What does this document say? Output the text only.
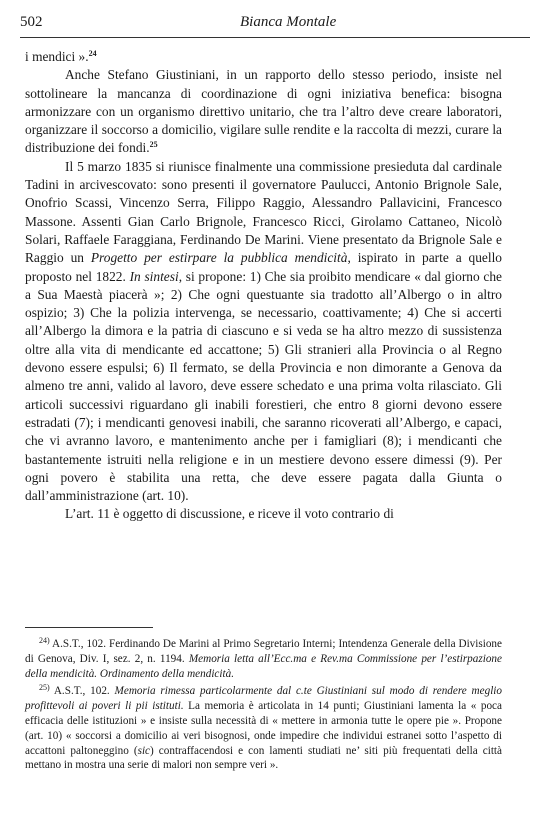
502	Bianca Montale

i mendici ».$^{24}$

Anche Stefano Giustiniani, in un rapporto dello stesso periodo, insiste nel sottolineare la mancanza di coordinazione di ogni iniziativa benefica: bisogna armonizzare con un organismo direttivo unitario, che tra l’altro deve creare laboratori, organizzare il soccorso a domicilio, vigilare sulle rendite e la raccolta di mezzi, curare la distribuzione dei fondi.$^{25}$

Il 5 marzo 1835 si riunisce finalmente una commissione presieduta dal cardinale Tadini in arcivescovato: sono presenti il governatore Paulucci, Antonio Brignole Sale, Onofrio Scassi, Vincenzo Serra, Filippo Raggio, Alessandro Pallavicini, Francesco Massone. Assenti Gian Carlo Brignole, Francesco Ricci, Girolamo Cattaneo, Nicolò Solari, Raffaele Faraggiana, Ferdinando De Marini. Viene presentato da Brignole Sale e Raggio un Progetto per estirpare la pubblica mendicità, ispirato in parte a quello proposto nel 1822. In sintesi, si propone: 1) Che sia proibito mendicare « dal giorno che a Sua Maestà piacerà »; 2) Che ogni questuante sia tradotto all’Albergo o in altro ospizio; 3) Che la polizia intervenga, se necessario, coattivamente; 4) Che si accerti all’Albergo la dimora e la patria di ciascuno e si veda se ha altro mezzo di sussistenza oltre alla vita di mendicante ed accattone; 5) Gli stranieri alla Provincia o al Regno devono essere espulsi; 6) Il fermato, se della Provincia e non dimorante a Genova da almeno tre anni, valido al lavoro, deve essere schedato e una prima volta rilasciato. Gli articoli successivi riguardano gli inabili forestieri, che entro 8 giorni devono essere estradati (7); i mendicanti genovesi inabili, che saranno ricoverati all’Albergo, e capaci, che vi avranno lavoro, e mantenimento anche per i famigliari (8); i mendicanti che bastantemente istruiti nella religione e in un mestiere devono essere dimessi (9). Per ogni povero è stabilita una retta, che deve essere pagata dalla Giunta o dall’amministrazione (art. 10).

L’art. 11 è oggetto di discussione, e riceve il voto contrario di

$^{24)}$ A.S.T., 102. Ferdinando De Marini al Primo Segretario Interni; Intendenza Generale della Divisione di Genova, Div. I, sez. 2, n. 1194. Memoria letta all’Ecc.ma e Rev.ma Commissione per l’estirpazione della mendicità. Ordinamento della mendicità.

$^{25)}$ A.S.T., 102. Memoria rimessa particolarmente dal c.te Giustiniani sul modo di rendere meglio profittevoli ai poveri li pii istituti. La memoria è articolata in 14 punti; Giustiniani lamenta la « poca efficacia delle istituzioni » e insiste sulla necessità di « mettere in armonia tutte le opere pie ». Propone (art. 10) « soccorsi a domicilio ai veri bisognosi, onde impedire che individui estranei sotto l’aspetto di accattoni paltoneggino (sic) contraffacendosi e con lamenti studiati ne’ siti più frequentati della città mettano in mostra una serie di malori non sempre veri ».
